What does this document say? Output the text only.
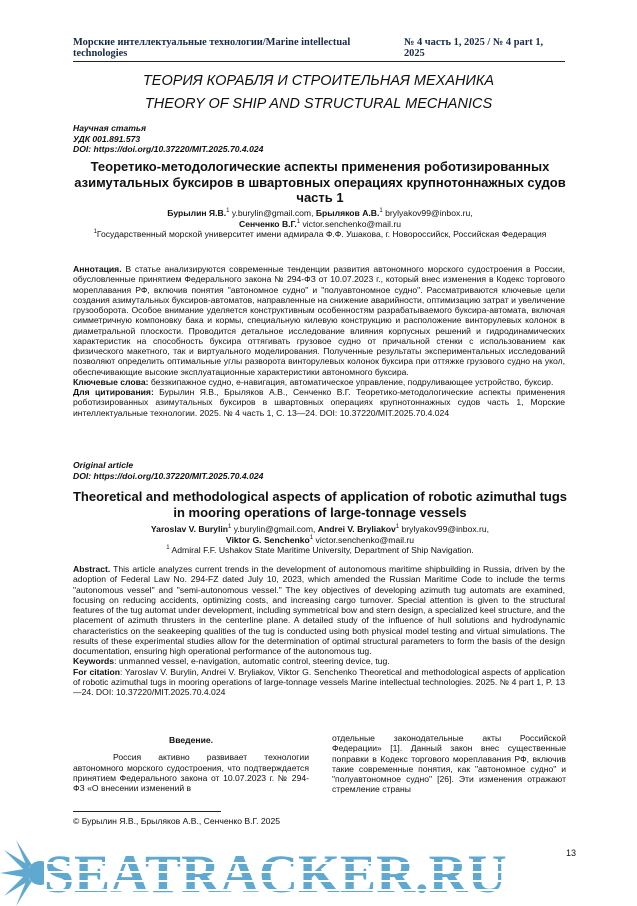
Морские интеллектуальные технологии/Marine intellectual technologies
№ 4 часть 1, 2025 / № 4 part 1, 2025
ТЕОРИЯ КОРАБЛЯ И СТРОИТЕЛЬНАЯ МЕХАНИКА
THEORY OF SHIP AND STRUCTURAL MECHANICS
Научная статья
УДК 001.891.573
DOI: https://doi.org/10.37220/MIT.2025.70.4.024
Теоретико-методологические аспекты применения роботизированных азимутальных буксиров в швартовных операциях крупнотоннажных судов часть 1
Бурылин Я.В.$^1$ y.burylin@gmail.com, Брыляков А.В.$^1$ brylyakov99@inbox.ru,
Сенченко В.Г.$^1$ victor.senchenko@mail.ru
$^1$Государственный морской университет имени адмирала Ф.Ф. Ушакова, г. Новороссийск, Российская Федерация
Аннотация. В статье анализируются современные тенденции развития автономного морского судостроения в России, обусловленные принятием Федерального закона № 294-ФЗ от 10.07.2023 г., который внес изменения в Кодекс торгового мореплавания РФ, включив понятия "автономное судно" и "полуавтономное судно". Рассматриваются ключевые цели создания азимутальных буксиров-автоматов, направленные на снижение аварийности, оптимизацию затрат и увеличение грузооборота. Особое внимание уделяется конструктивным особенностям разрабатываемого буксира-автомата, включая симметричную компоновку бака и кормы, специальную килевую конструкцию и расположение винторулевых колонок в диаметральной плоскости. Проводится детальное исследование влияния корпусных решений и гидродинамических характеристик на способность буксира оттягивать грузовое судно от причальной стенки с использованием как физического макетного, так и виртуального моделирования. Полученные результаты экспериментальных исследований позволяют определить оптимальные углы разворота винторулевых колонок буксира при оттяжке грузового судно на укол, обеспечивающие высокие эксплуатационные характеристики автономного буксира.
Ключевые слова: беззкипажное судно, е-навигация, автоматическое управление, подруливающее устройство, буксир.
Для цитирования: Бурылин Я.В., Брыляков А.В., Сенченко В.Г. Теоретико-методологические аспекты применения роботизированных азимутальных буксиров в швартовных операциях крупнотоннажных судов часть 1, Морские интеллектуальные технологии. 2025. № 4 часть 1, С. 13—24. DOI: 10.37220/MIT.2025.70.4.024
Original article
DOI: https://doi.org/10.37220/MIT.2025.70.4.024
Theoretical and methodological aspects of application of robotic azimuthal tugs in mooring operations of large-tonnage vessels
Yaroslav V. Burylin$^1$ y.burylin@gmail.com, Andrei V. Bryliakov$^1$ brylyakov99@inbox.ru,
Viktor G. Senchenko$^1$ victor.senchenko@mail.ru
$^1$ Admiral F.F. Ushakov State Maritime University, Department of Ship Navigation.
Abstract. This article analyzes current trends in the development of autonomous maritime shipbuilding in Russia, driven by the adoption of Federal Law No. 294-FZ dated July 10, 2023, which amended the Russian Maritime Code to include the terms "autonomous vessel" and "semi-autonomous vessel." The key objectives of developing azimuth tug automats are examined, focusing on reducing accidents, optimizing costs, and increasing cargo turnover. Special attention is given to the structural features of the tug automat under development, including symmetrical bow and stern design, a specialized keel structure, and the placement of azimuth thrusters in the centerline plane. A detailed study of the influence of hull solutions and hydrodynamic characteristics on the seakeeping qualities of the tug is conducted using both physical model testing and virtual simulations. The results of these experimental studies allow for the determination of optimal structural parameters to form the basis of the design documentation, ensuring high operational performance of the autonomous tug.
Keywords: unmanned vessel, e-navigation, automatic control, steering device, tug.
For citation: Yaroslav V. Burylin, Andrei V. Bryliakov, Viktor G. Senchenko Theoretical and methodological aspects of application of robotic azimuthal tugs in mooring operations of large-tonnage vessels Marine intellectual technologies. 2025. № 4 part 1, P. 13—24. DOI: 10.37220/MIT.2025.70.4.024
Введение.
Россия активно развивает технологии автономного морского судостроения, что подтверждается принятием Федерального закона от 10.07.2023 г. № 294-ФЗ «О внесении изменений в
отдельные законодательные акты Российской Федерации» [1]. Данный закон внес существенные поправки в Кодекс торгового мореплавания РФ, включив такие современные понятия, как "автономное судно" и "полуавтономное судно" [26]. Эти изменения отражают стремление страны
© Бурылин Я.В., Брыляков А.В., Сенченко В.Г. 2025
13
SEATRACKER.RU
